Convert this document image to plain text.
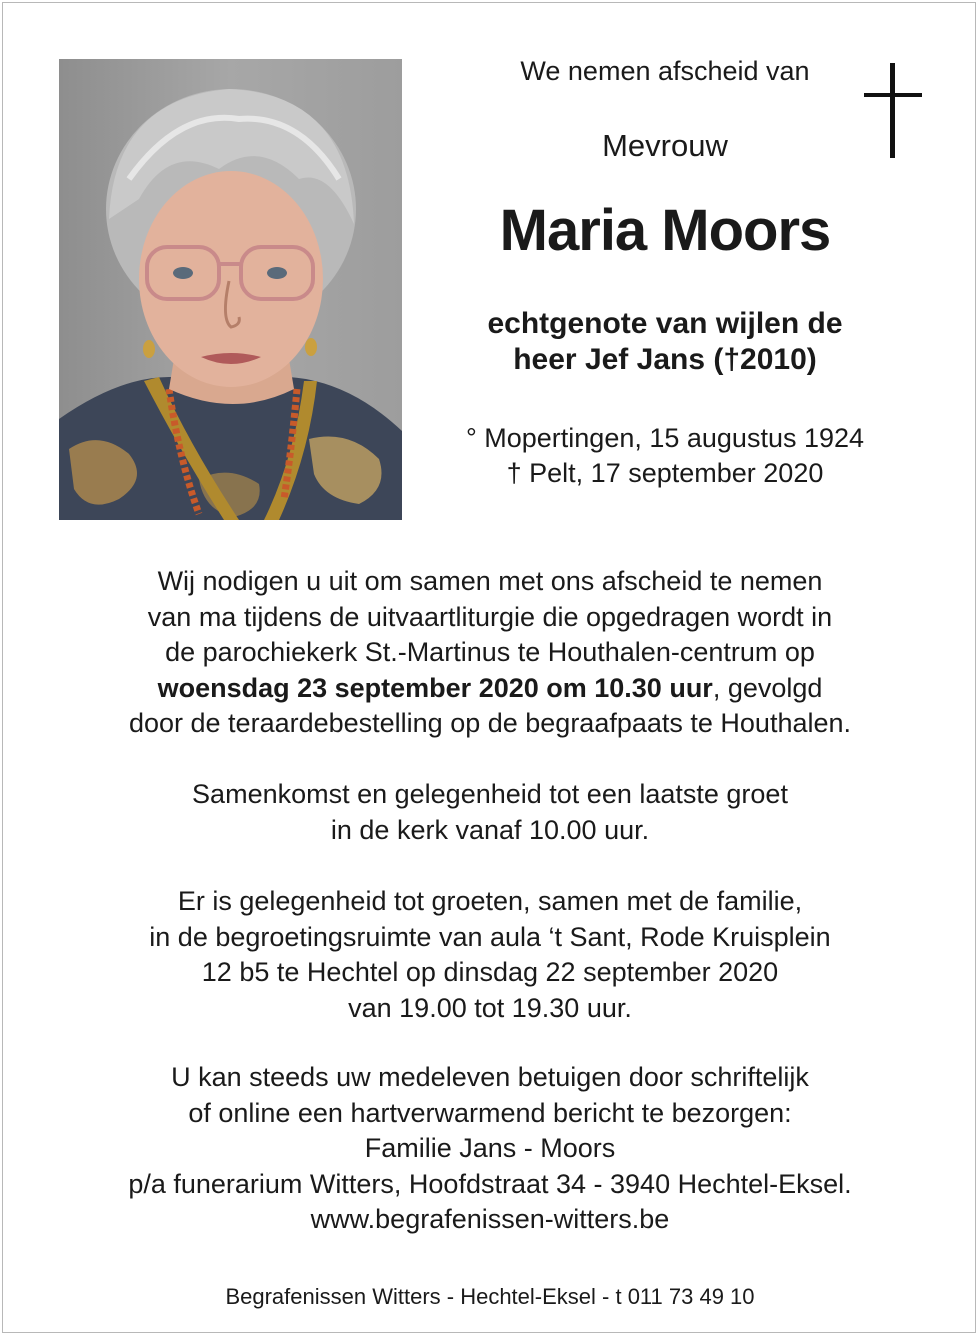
We nemen afscheid van
Mevrouw
Maria Moors
echtgenote van wijlen de
heer Jef Jans (†2010)
° Mopertingen, 15 augustus 1924
† Pelt, 17 september 2020

Wij nodigen u uit om samen met ons afscheid te nemen

van ma tijdens de uitvaartliturgie die opgedragen wordt in

de parochiekerk St.-Martinus te Houthalen-centrum op

woensdag 23 september 2020 om 10.30 uur, gevolgd

door de teraardebestelling op de begraafpaats te Houthalen.

Samenkomst en gelegenheid tot een laatste groet

in de kerk vanaf 10.00 uur.

Er is gelegenheid tot groeten, samen met de familie,

in de begroetingsruimte van aula ‘t Sant, Rode Kruisplein

12 b5 te Hechtel op dinsdag 22 september 2020

van 19.00 tot 19.30 uur.

U kan steeds uw medeleven betuigen door schriftelijk

of online een hartverwarmend bericht te bezorgen:

Familie Jans - Moors

p/a funerarium Witters, Hoofdstraat 34 - 3940 Hechtel-Eksel.

www.begrafenissen-witters.be

Begrafenissen Witters - Hechtel-Eksel - t 011 73 49 10
